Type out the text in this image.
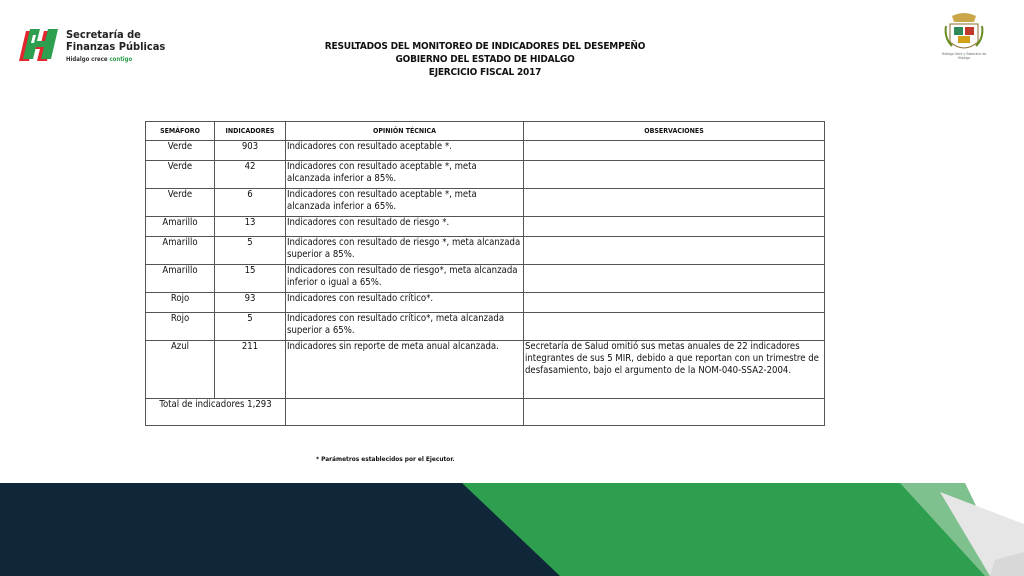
Secretaría de
Finanzas Públicas
Hidalgo crece contigo
Hidalgo Libre y Soberano de Hidalgo
RESULTADOS DEL MONITOREO DE INDICADORES DEL DESEMPEÑO
GOBIERNO DEL ESTADO DE HIDALGO
EJERCICIO FISCAL 2017
SEMÁFORO	INDICADORES	OPINIÓN TÉCNICA	OBSERVACIONES
Verde	903	Indicadores con resultado aceptable *.	
Verde	42	Indicadores con resultado aceptable *, meta alcanzada inferior a 85%.	
Verde	6	Indicadores con resultado aceptable *, meta alcanzada inferior a 65%.	
Amarillo	13	Indicadores con resultado de riesgo *.	
Amarillo	5	Indicadores con resultado de riesgo *, meta alcanzada superior a 85%.	
Amarillo	15	Indicadores con resultado de riesgo*, meta alcanzada inferior o igual a 65%.	
Rojo	93	Indicadores con resultado crítico*.	
Rojo	5	Indicadores con resultado crítico*, meta alcanzada superior a 65%.	
Azul	211	Indicadores sin reporte de meta anual alcanzada.	Secretaría de Salud omitió sus metas anuales de 22 indicadores integrantes de sus 5 MIR, debido a que reportan con un trimestre de desfasamiento, bajo el argumento de la NOM-040-SSA2-2004.
Total de indicadores 1,293			
* Parámetros establecidos por el Ejecutor.
